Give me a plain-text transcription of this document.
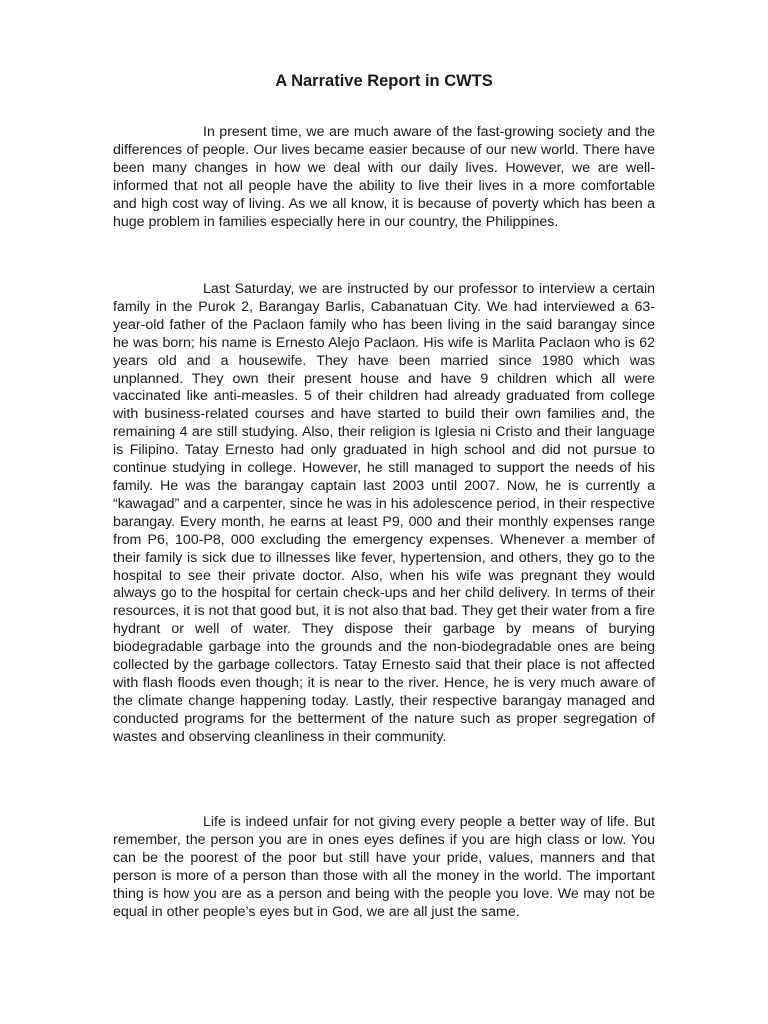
A Narrative Report in CWTS

In present time, we are much aware of the fast-growing society and the differences of people. Our lives became easier because of our new world. There have been many changes in how we deal with our daily lives. However, we are well-informed that not all people have the ability to live their lives in a more comfortable and high cost way of living. As we all know, it is because of poverty which has been a huge problem in families especially here in our country, the Philippines.

Last Saturday, we are instructed by our professor to interview a certain family in the Purok 2, Barangay Barlis, Cabanatuan City. We had interviewed a 63-year-old father of the Paclaon family who has been living in the said barangay since he was born; his name is Ernesto Alejo Paclaon. His wife is Marlita Paclaon who is 62 years old and a housewife. They have been married since 1980 which was unplanned. They own their present house and have 9 children which all were vaccinated like anti-measles. 5 of their children had already graduated from college with business-related courses and have started to build their own families and, the remaining 4 are still studying. Also, their religion is Iglesia ni Cristo and their language is Filipino. Tatay Ernesto had only graduated in high school and did not pursue to continue studying in college. However, he still managed to support the needs of his family. He was the barangay captain last 2003 until 2007. Now, he is currently a “kawagad” and a carpenter, since he was in his adolescence period, in their respective barangay. Every month, he earns at least P9, 000 and their monthly expenses range from P6, 100-P8, 000 excluding the emergency expenses. Whenever a member of their family is sick due to illnesses like fever, hypertension, and others, they go to the hospital to see their private doctor. Also, when his wife was pregnant they would always go to the hospital for certain check-ups and her child delivery. In terms of their resources, it is not that good but, it is not also that bad. They get their water from a fire hydrant or well of water. They dispose their garbage by means of burying biodegradable garbage into the grounds and the non-biodegradable ones are being collected by the garbage collectors. Tatay Ernesto said that their place is not affected with flash floods even though; it is near to the river. Hence, he is very much aware of the climate change happening today. Lastly, their respective barangay managed and conducted programs for the betterment of the nature such as proper segregation of wastes and observing cleanliness in their community.

Life is indeed unfair for not giving every people a better way of life. But remember, the person you are in ones eyes defines if you are high class or low. You can be the poorest of the poor but still have your pride, values, manners and that person is more of a person than those with all the money in the world. The important thing is how you are as a person and being with the people you love. We may not be equal in other people’s eyes but in God, we are all just the same.
